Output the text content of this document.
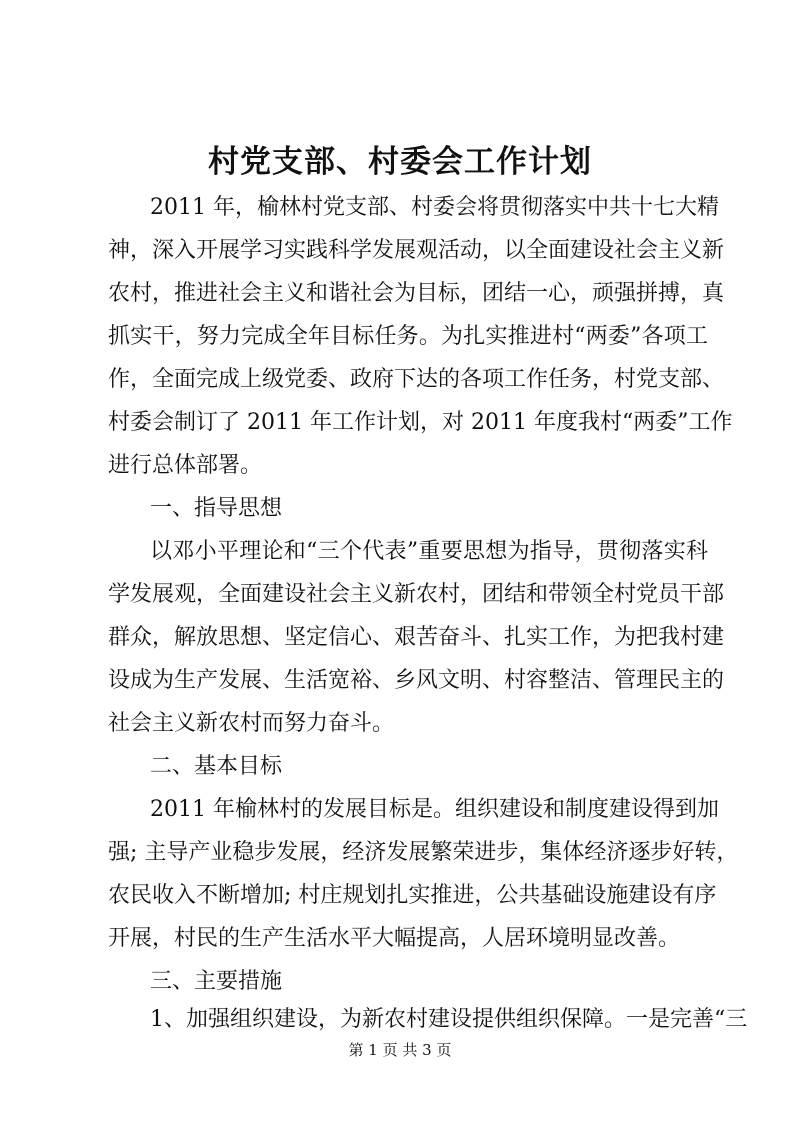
村党支部、村委会工作计划
2011 年，榆林村党支部、村委会将贯彻落实中共十七大精
神，深入开展学习实践科学发展观活动，以全面建设社会主义新
农村，推进社会主义和谐社会为目标，团结一心，顽强拼搏，真
抓实干，努力完成全年目标任务。为扎实推进村“两委”各项工
作，全面完成上级党委、政府下达的各项工作任务，村党支部、
村委会制订了 2011 年工作计划，对 2011 年度我村“两委”工作
进行总体部署。
一、指导思想
以邓小平理论和“三个代表”重要思想为指导，贯彻落实科
学发展观，全面建设社会主义新农村，团结和带领全村党员干部
群众，解放思想、坚定信心、艰苦奋斗、扎实工作，为把我村建
设成为生产发展、生活宽裕、乡风文明、村容整洁、管理民主的
社会主义新农村而努力奋斗。
二、基本目标
2011 年榆林村的发展目标是。组织建设和制度建设得到加
强; 主导产业稳步发展，经济发展繁荣进步，集体经济逐步好转，
农民收入不断增加; 村庄规划扎实推进，公共基础设施建设有序
开展，村民的生产生活水平大幅提高，人居环境明显改善。
三、主要措施
1、加强组织建设，为新农村建设提供组织保障。一是完善“三
第 1 页 共 3 页
